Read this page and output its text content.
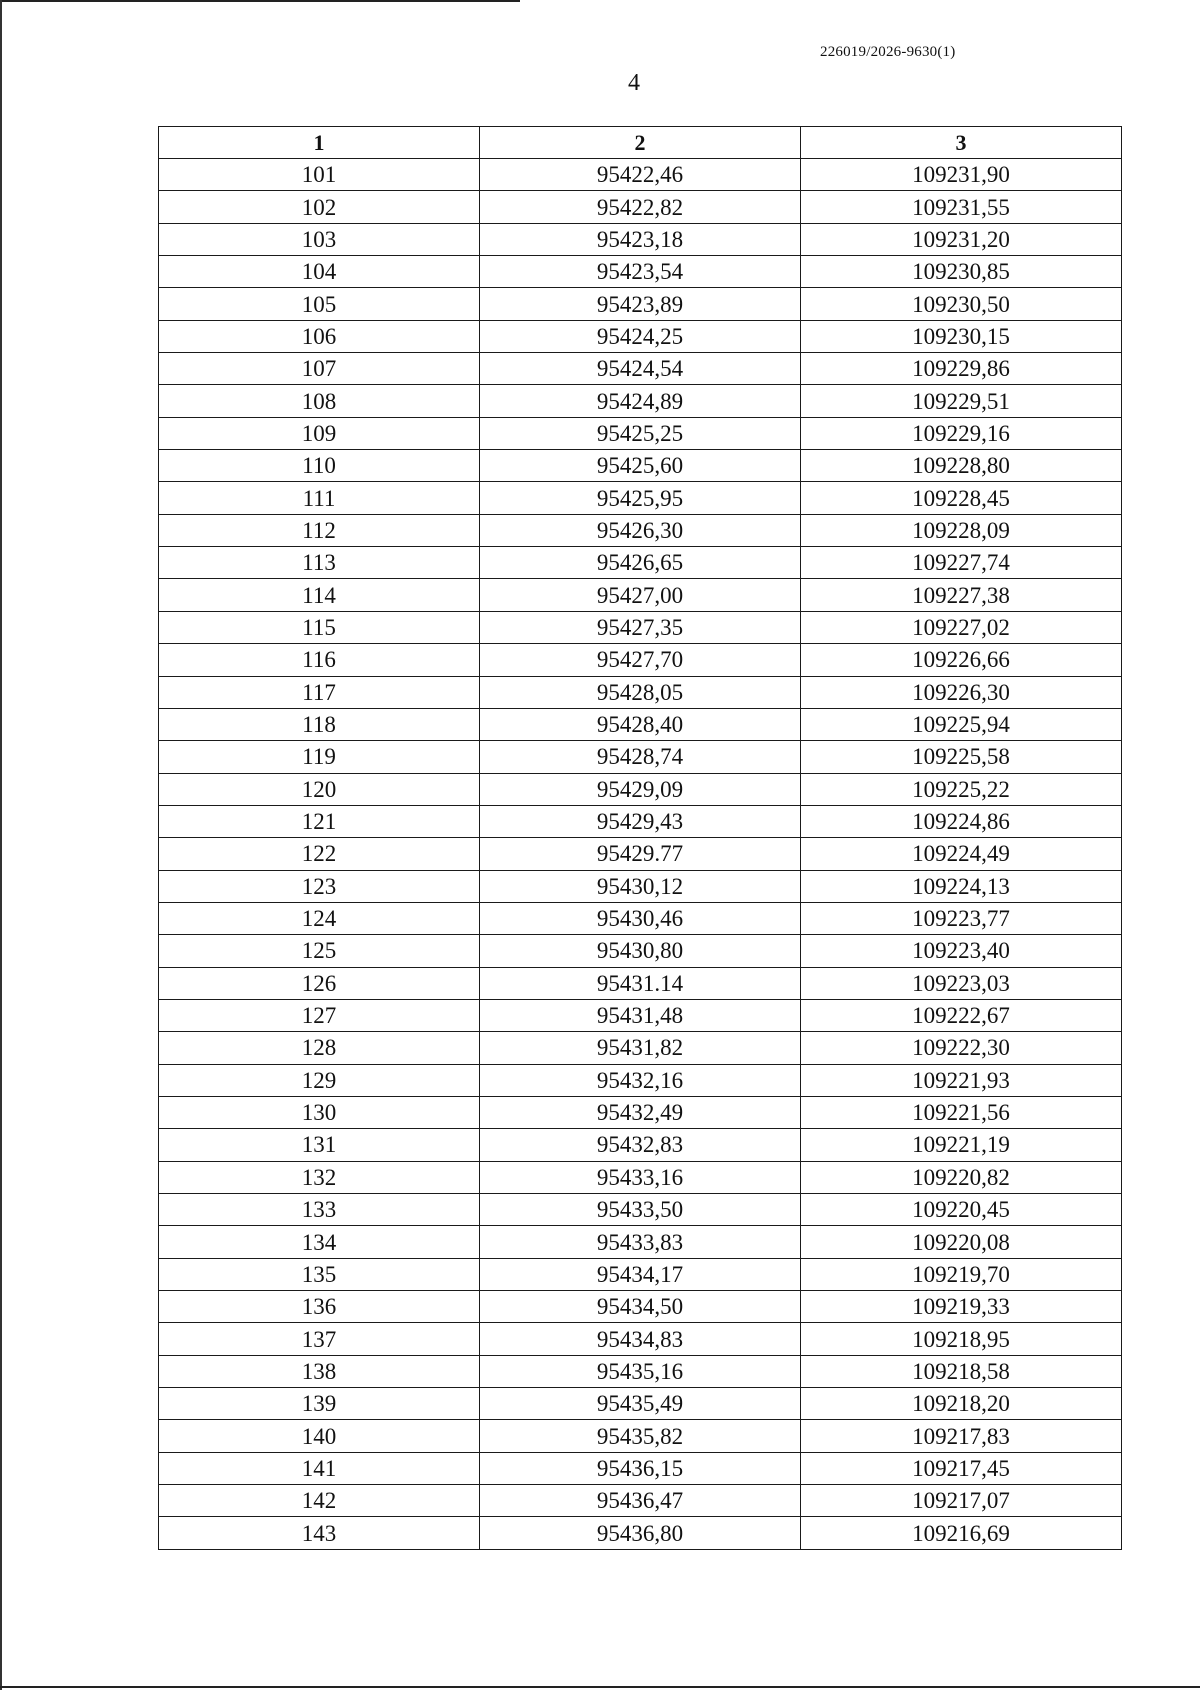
226019/2026-9630(1)
4
1	2	3
101	95422,46	109231,90
102	95422,82	109231,55
103	95423,18	109231,20
104	95423,54	109230,85
105	95423,89	109230,50
106	95424,25	109230,15
107	95424,54	109229,86
108	95424,89	109229,51
109	95425,25	109229,16
110	95425,60	109228,80
111	95425,95	109228,45
112	95426,30	109228,09
113	95426,65	109227,74
114	95427,00	109227,38
115	95427,35	109227,02
116	95427,70	109226,66
117	95428,05	109226,30
118	95428,40	109225,94
119	95428,74	109225,58
120	95429,09	109225,22
121	95429,43	109224,86
122	95429.77	109224,49
123	95430,12	109224,13
124	95430,46	109223,77
125	95430,80	109223,40
126	95431.14	109223,03
127	95431,48	109222,67
128	95431,82	109222,30
129	95432,16	109221,93
130	95432,49	109221,56
131	95432,83	109221,19
132	95433,16	109220,82
133	95433,50	109220,45
134	95433,83	109220,08
135	95434,17	109219,70
136	95434,50	109219,33
137	95434,83	109218,95
138	95435,16	109218,58
139	95435,49	109218,20
140	95435,82	109217,83
141	95436,15	109217,45
142	95436,47	109217,07
143	95436,80	109216,69
